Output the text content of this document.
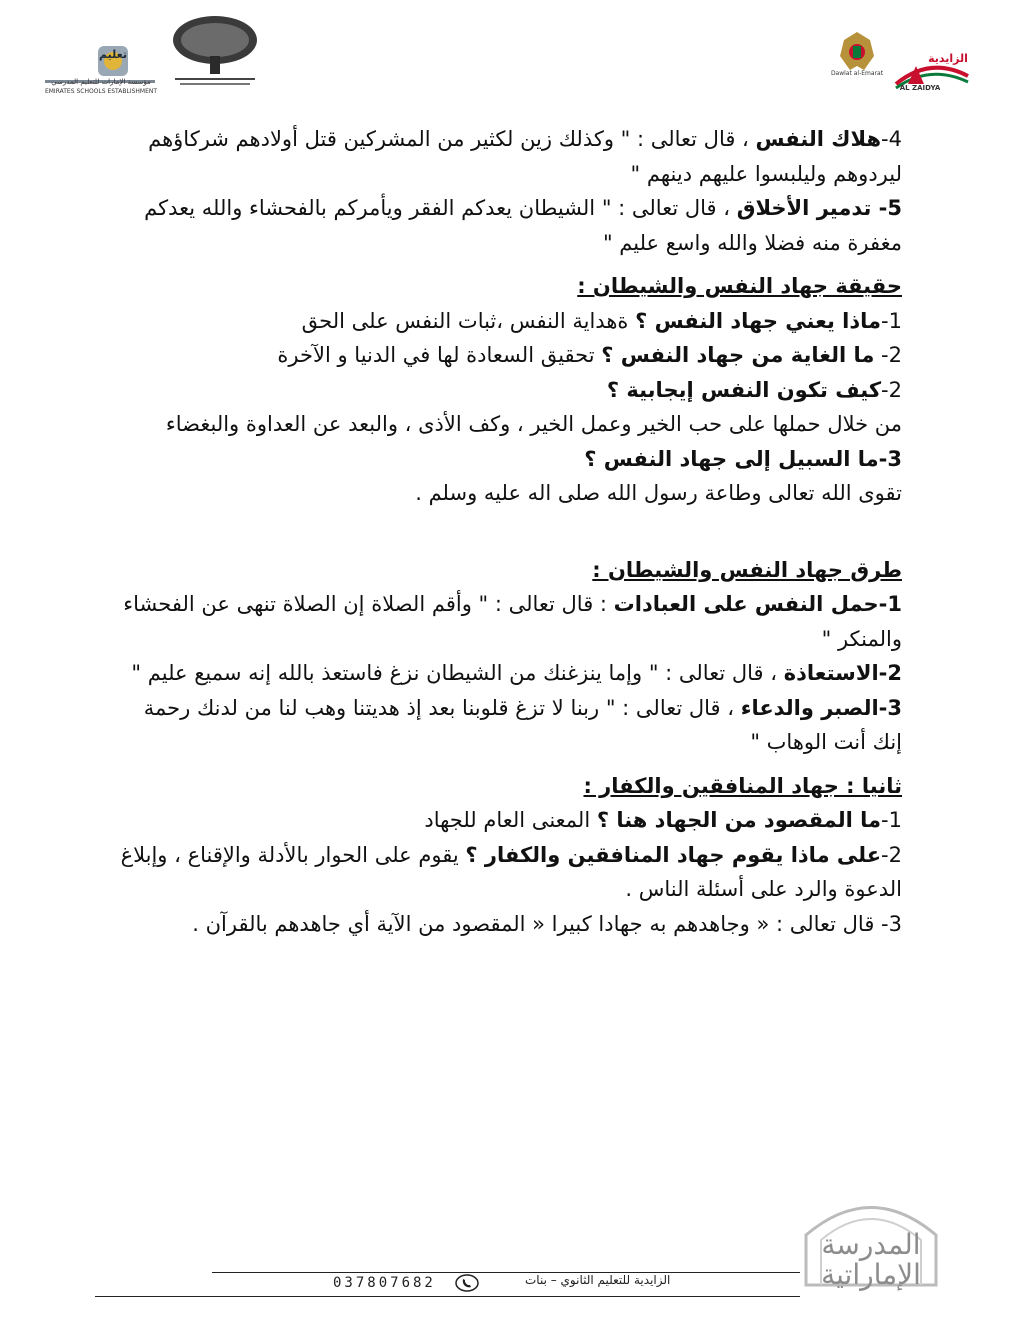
تعليم
مؤسسة الإمارات للتعليم المدرسي
EMIRATES SCHOOLS ESTABLISHMENT
Dawlat al-Emarat
الزايدية
AL ZAIDYA

4-هلاك النفس ، قال تعالى : " وكذلك زين لكثير من المشركين قتل أولادهم شركاؤهم ليردوهم وليلبسوا عليهم دينهم "

5- تدمير الأخلاق ، قال تعالى : " الشيطان يعدكم الفقر ويأمركم بالفحشاء والله يعدكم مغفرة منه فضلا والله واسع عليم "

حقيقة جهاد النفس والشيطان :

1-ماذا يعني جهاد النفس ؟ ةهداية النفس ،ثبات النفس على الحق

2- ما الغاية من جهاد النفس ؟ تحقيق السعادة لها في الدنيا و الآخرة

2-كيف تكون النفس إيجابية ؟

من خلال حملها على حب الخير وعمل الخير ، وكف الأذى ، والبعد عن العداوة والبغضاء

3-ما السبيل إلى جهاد النفس ؟

تقوى الله تعالى وطاعة رسول الله صلى اله عليه وسلم .

طرق جهاد النفس والشيطان :

1-حمل النفس على العبادات : قال تعالى : " وأقم الصلاة إن الصلاة تنهى عن الفحشاء والمنكر "

2-الاستعاذة ، قال تعالى : " وإما ينزغنك من الشيطان نزغ فاستعذ بالله إنه سميع عليم "

3-الصبر والدعاء ، قال تعالى : " ربنا لا تزغ قلوبنا بعد إذ هديتنا وهب لنا من لدنك رحمة إنك أنت الوهاب "

ثانيا : جهاد المنافقين والكفار :

1-ما المقصود من الجهاد هنا ؟ المعنى العام للجهاد

2-على ماذا يقوم جهاد المنافقين والكفار ؟ يقوم على الحوار بالأدلة والإقناع ، وإبلاغ الدعوة والرد على أسئلة الناس .

3- قال تعالى : « وجاهدهم به جهادا كبيرا « المقصود من الآية أي جاهدهم بالقرآن .

المدرسة
الإماراتية
037807682	الزايدية للتعليم الثانوي – بنات
